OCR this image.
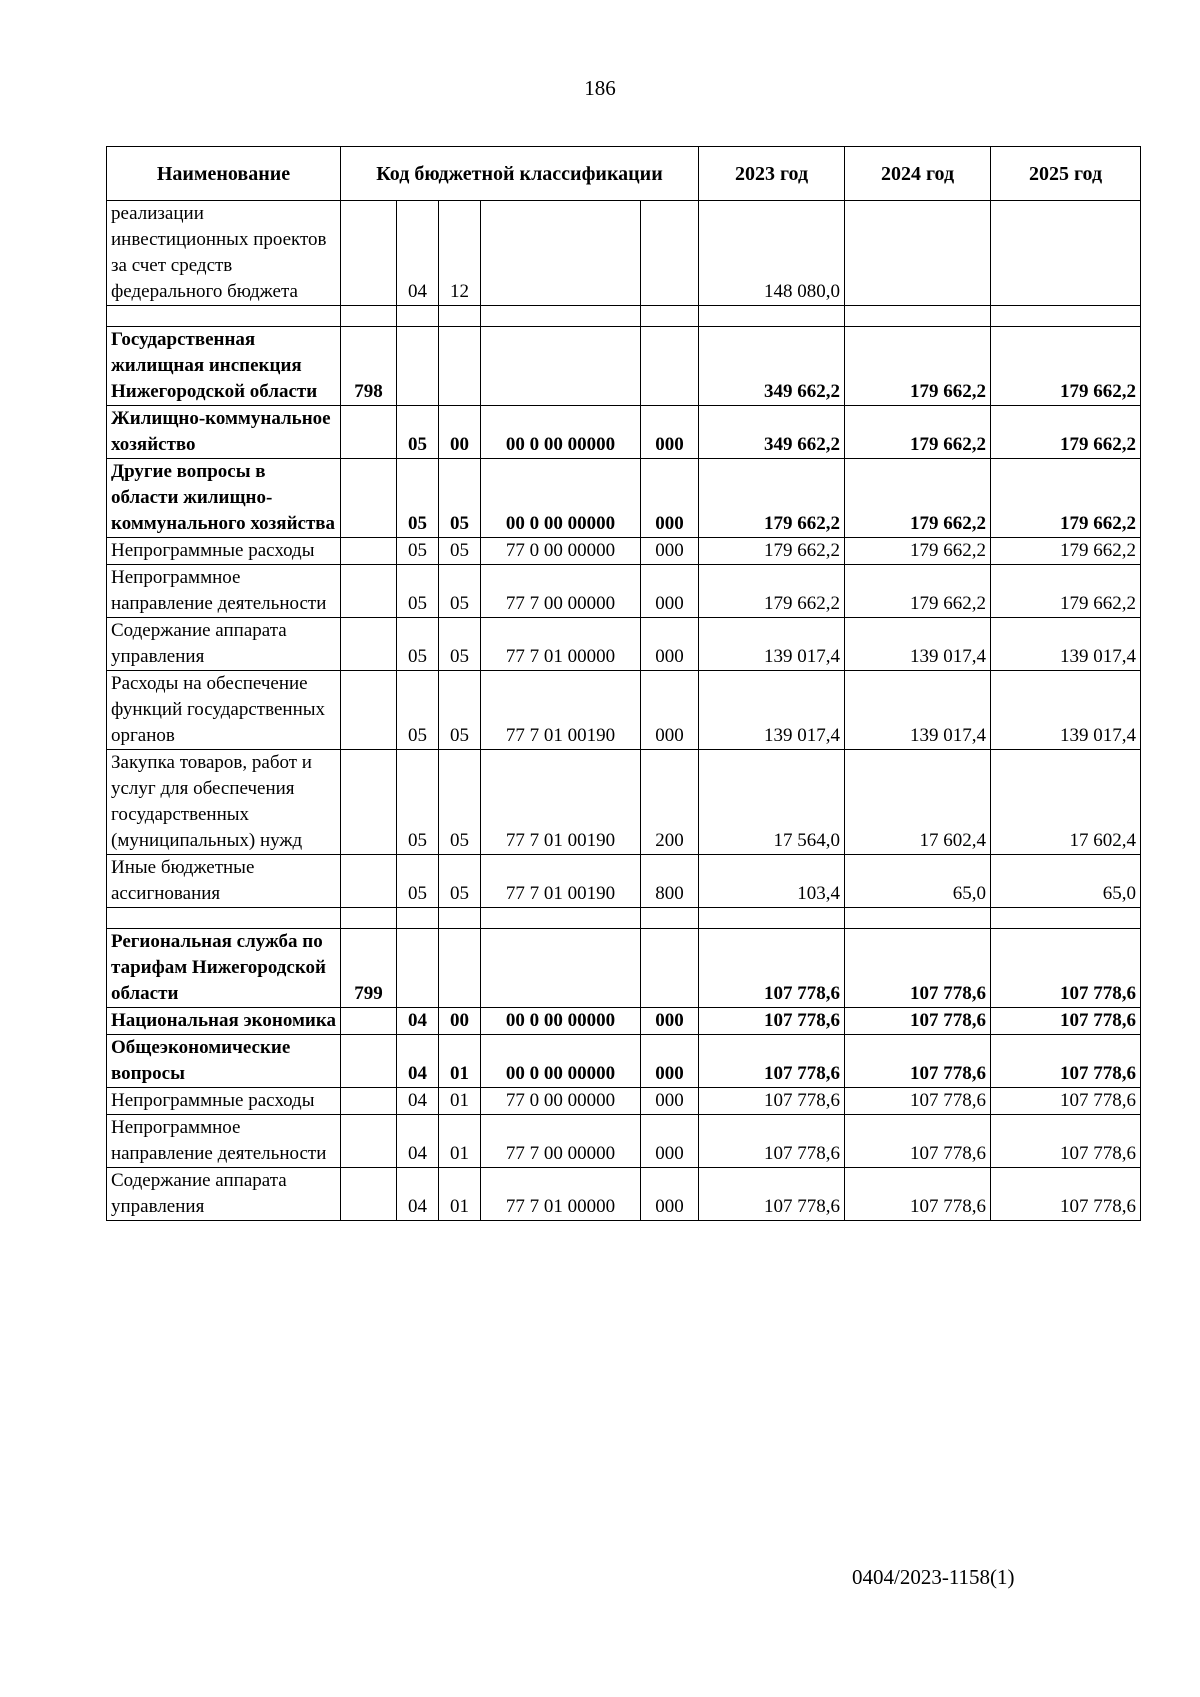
186
Наименование	Код бюджетной классификации					2023 год	2024 год	2025 год
реализации инвестиционных проектов за счет средств федерального бюджета		04	12			148 080,0		

Государственная жилищная инспекция Нижегородской области	798					349 662,2	179 662,2	179 662,2
Жилищно-коммунальное хозяйство		05	00	00 0 00 00000	000	349 662,2	179 662,2	179 662,2
Другие вопросы в области жилищно-коммунального хозяйства		05	05	00 0 00 00000	000	179 662,2	179 662,2	179 662,2
Непрограммные расходы		05	05	77 0 00 00000	000	179 662,2	179 662,2	179 662,2
Непрограммное направление деятельности		05	05	77 7 00 00000	000	179 662,2	179 662,2	179 662,2
Содержание аппарата управления		05	05	77 7 01 00000	000	139 017,4	139 017,4	139 017,4
Расходы на обеспечение функций государственных органов		05	05	77 7 01 00190	000	139 017,4	139 017,4	139 017,4
Закупка товаров, работ и услуг для обеспечения государственных (муниципальных) нужд		05	05	77 7 01 00190	200	17 564,0	17 602,4	17 602,4
Иные бюджетные ассигнования		05	05	77 7 01 00190	800	103,4	65,0	65,0

Региональная служба по тарифам Нижегородской области	799					107 778,6	107 778,6	107 778,6
Национальная экономика		04	00	00 0 00 00000	000	107 778,6	107 778,6	107 778,6
Общеэкономические вопросы		04	01	00 0 00 00000	000	107 778,6	107 778,6	107 778,6
Непрограммные расходы		04	01	77 0 00 00000	000	107 778,6	107 778,6	107 778,6
Непрограммное направление деятельности		04	01	77 7 00 00000	000	107 778,6	107 778,6	107 778,6
Содержание аппарата управления		04	01	77 7 01 00000	000	107 778,6	107 778,6	107 778,6
0404/2023-1158(1)
